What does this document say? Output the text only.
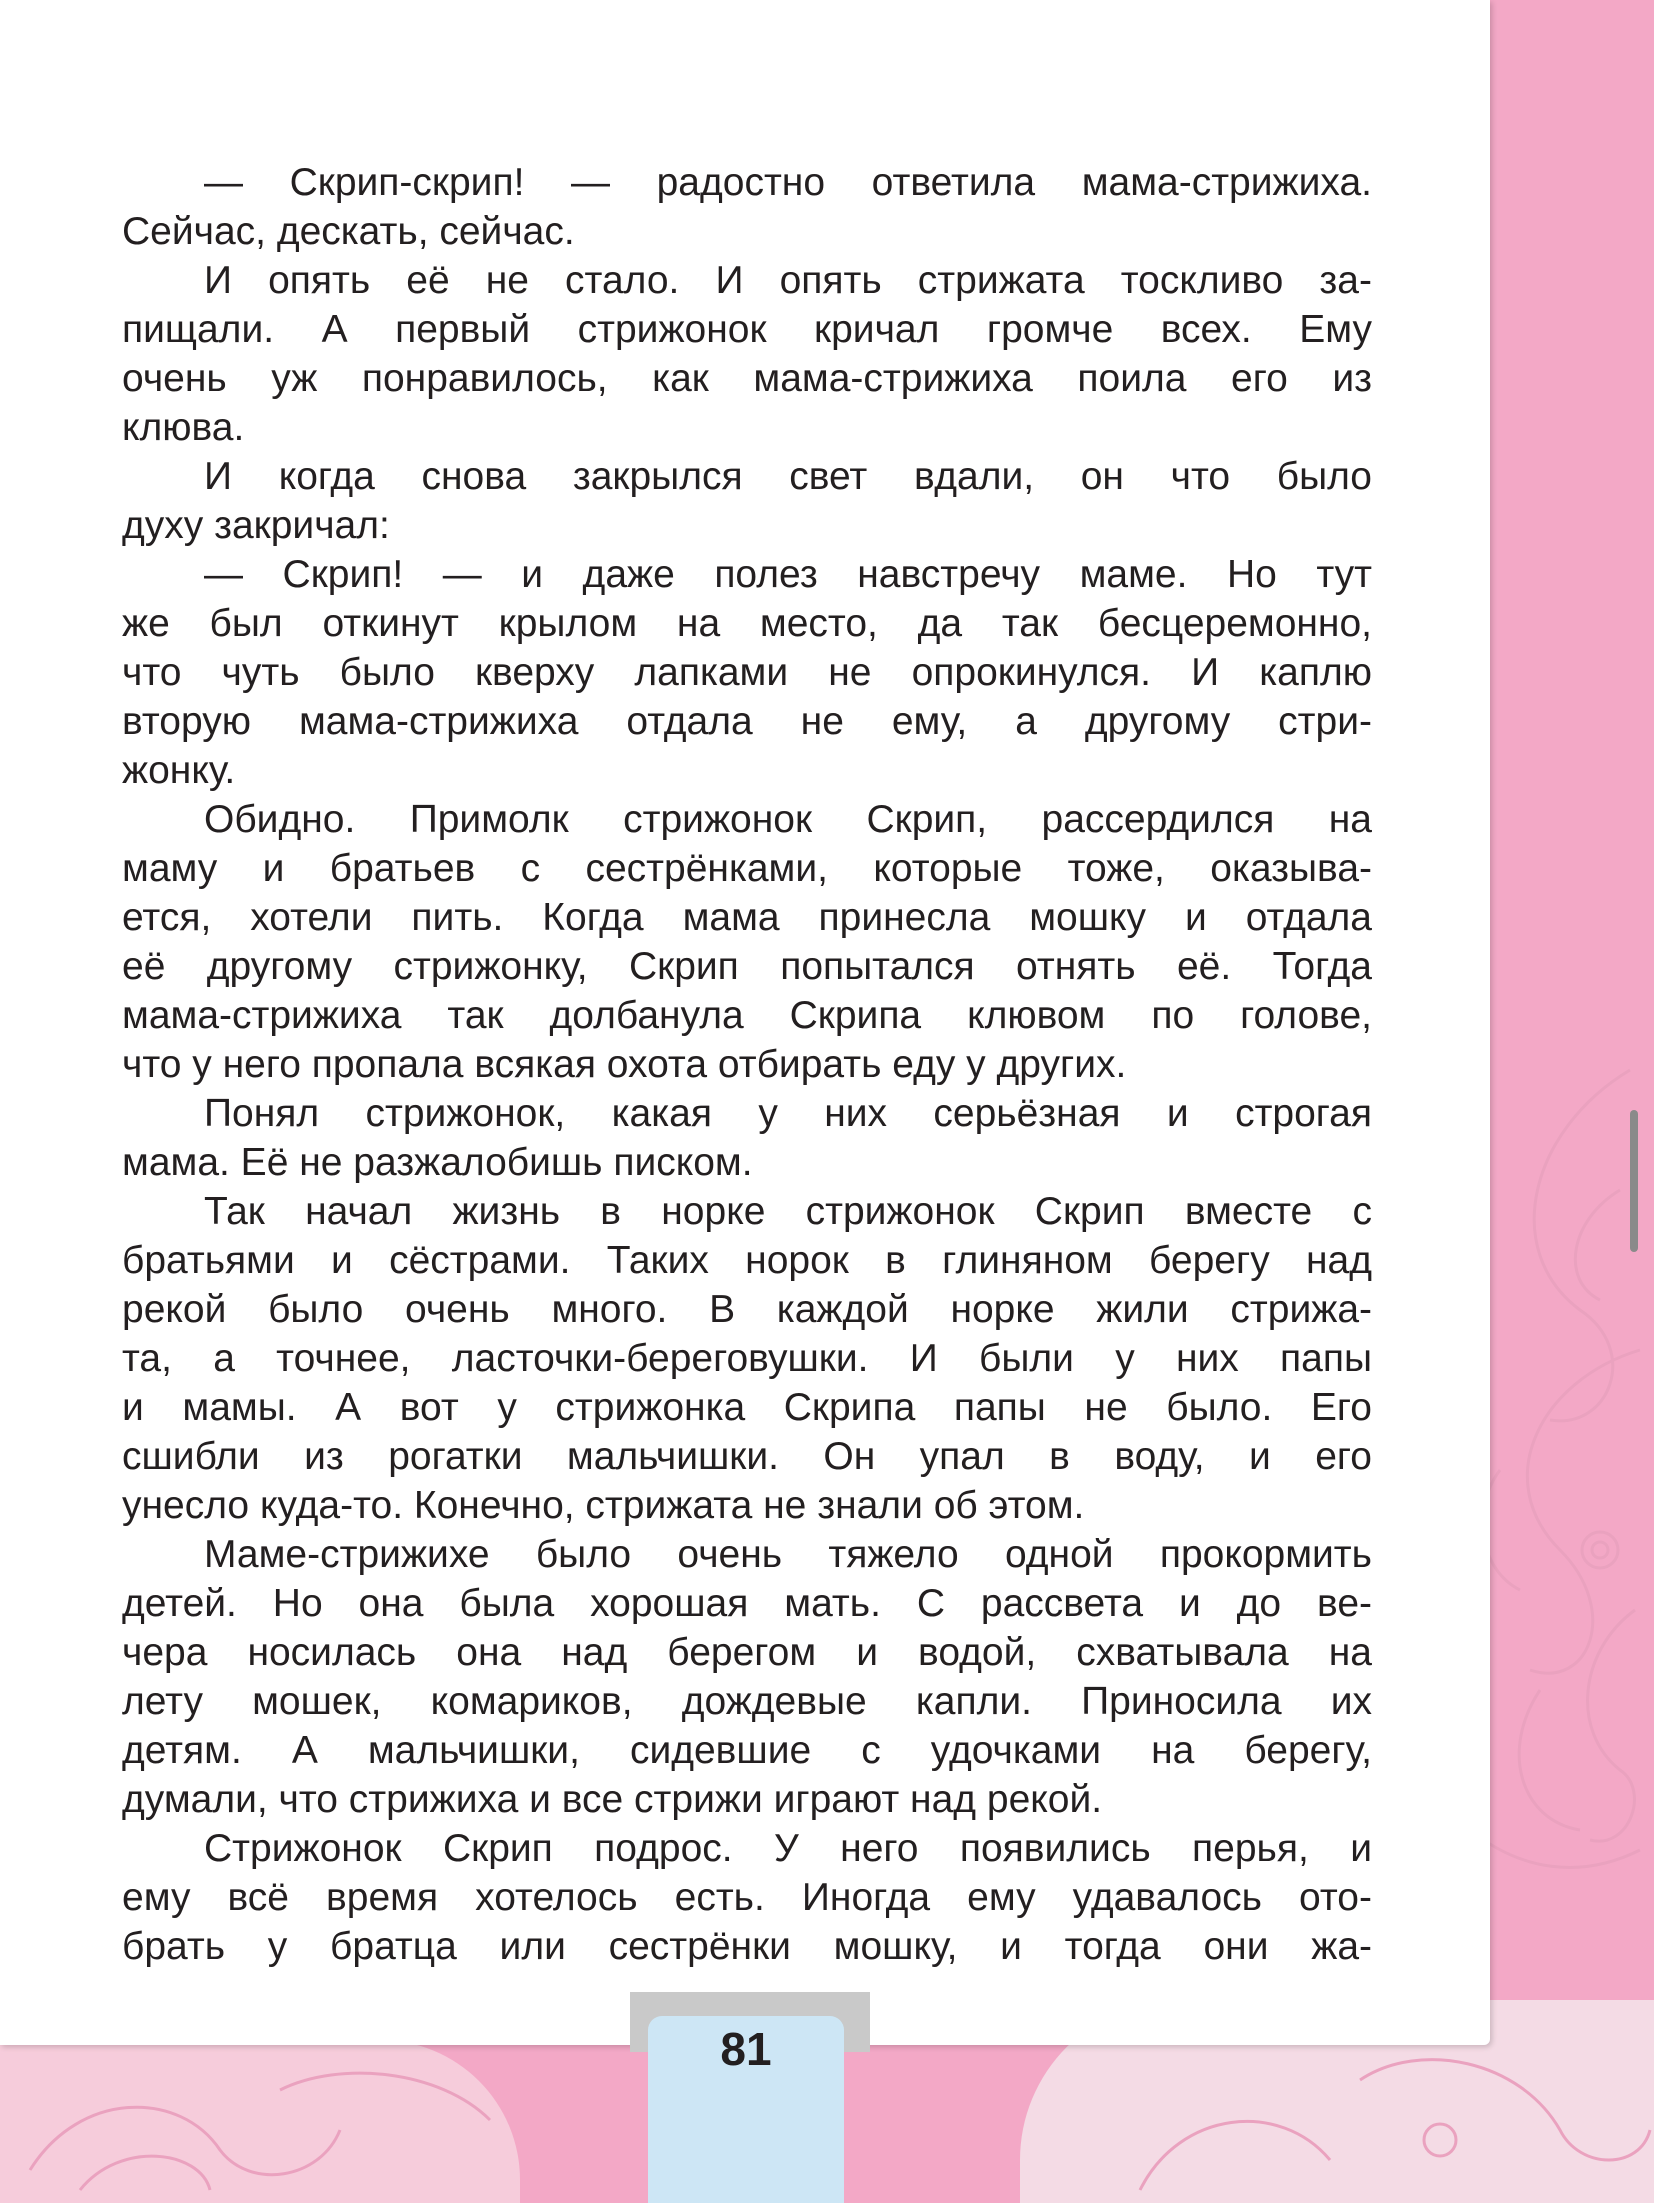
— Скрип-скрип! — радостно ответила мама-стрижиха.
Сейчас, дескать, сейчас.
И опять её не стало. И опять стрижата тоскливо за-
пищали. А первый стрижонок кричал громче всех. Ему
очень уж понравилось, как мама-стрижиха поила его из
клюва.
И когда снова закрылся свет вдали, он что было
духу закричал:
— Скрип! — и даже полез навстречу маме. Но тут
же был откинут крылом на место, да так бесцеремонно,
что чуть было кверху лапками не опрокинулся. И каплю
вторую мама-стрижиха отдала не ему, а другому стри-
жонку.
Обидно. Примолк стрижонок Скрип, рассердился на
маму и братьев с сестрёнками, которые тоже, оказыва-
ется, хотели пить. Когда мама принесла мошку и отдала
её другому стрижонку, Скрип попытался отнять её. Тогда
мама-стрижиха так долбанула Скрипа клювом по голове,
что у него пропала всякая охота отбирать еду у других.
Понял стрижонок, какая у них серьёзная и строгая
мама. Её не разжалобишь писком.
Так начал жизнь в норке стрижонок Скрип вместе с
братьями и сёстрами. Таких норок в глиняном берегу над
рекой было очень много. В каждой норке жили стрижа-
та, а точнее, ласточки-береговушки. И были у них папы
и мамы. А вот у стрижонка Скрипа папы не было. Его
сшибли из рогатки мальчишки. Он упал в воду, и его
унесло куда-то. Конечно, стрижата не знали об этом.
Маме-стрижихе было очень тяжело одной прокормить
детей. Но она была хорошая мать. С рассвета и до ве-
чера носилась она над берегом и водой, схватывала на
лету мошек, комариков, дождевые капли. Приносила их
детям. А мальчишки, сидевшие с удочками на берегу,
думали, что стрижиха и все стрижи играют над рекой.
Стрижонок Скрип подрос. У него появились перья, и
ему всё время хотелось есть. Иногда ему удавалось ото-
брать у братца или сестрёнки мошку, и тогда они жа-
81
